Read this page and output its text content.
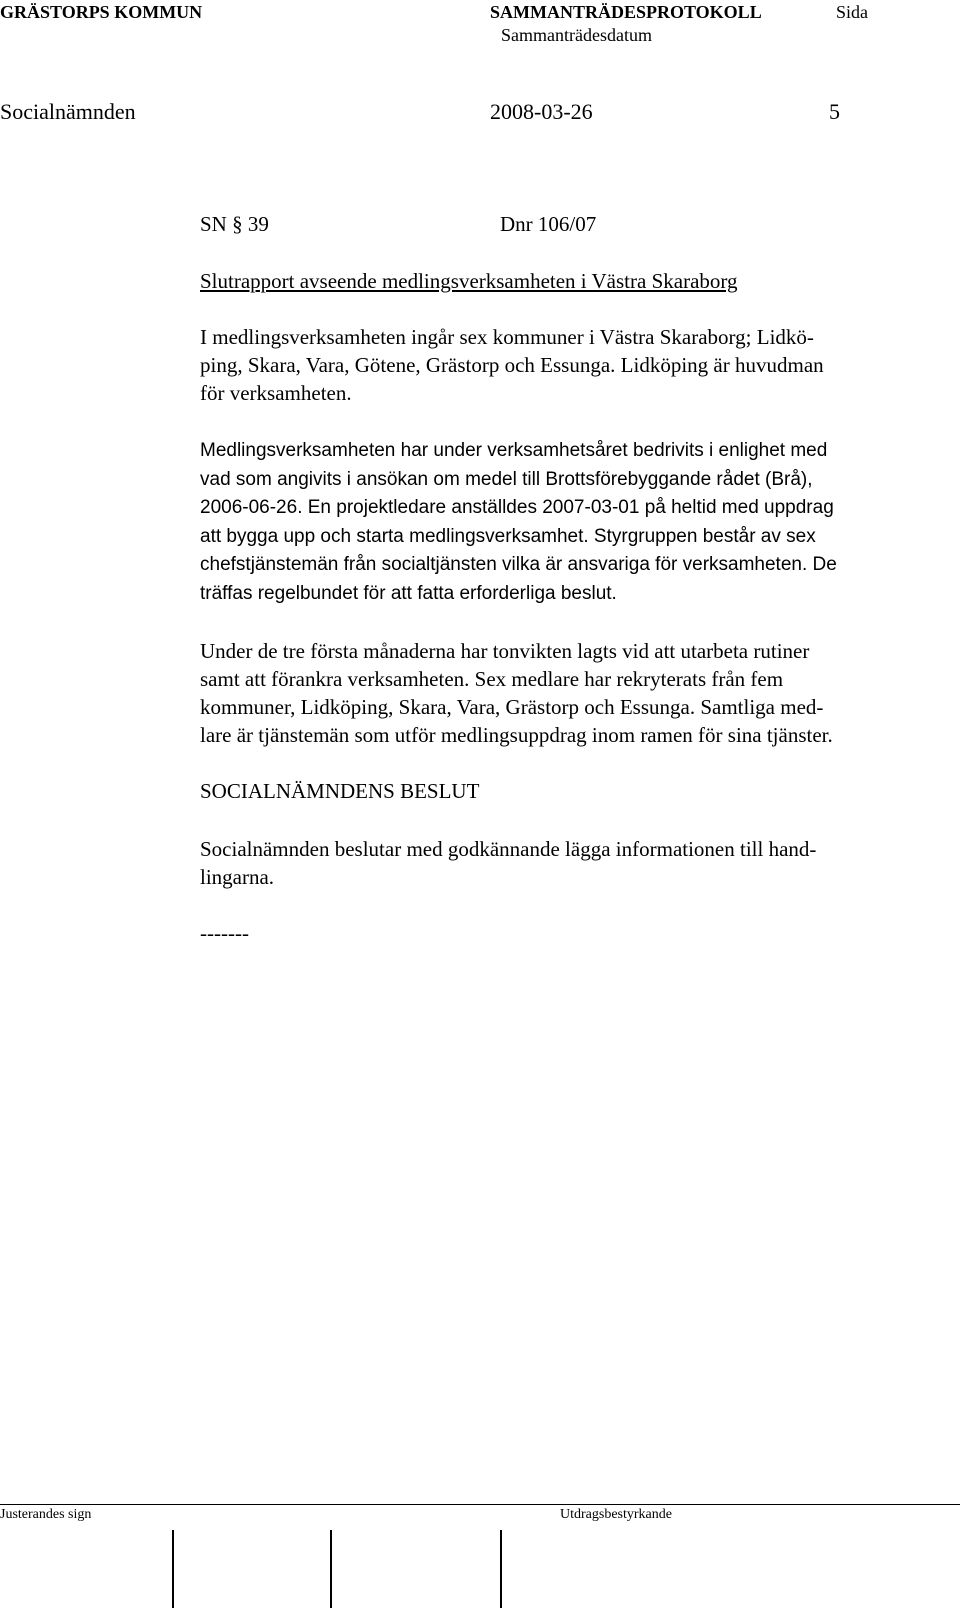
GRÄSTORPS KOMMUN	SAMMANTRÄDESPROTOKOLL	Sida
Sammanträdesdatum
Socialnämnden	2008-03-26	5
SN § 39	Dnr 106/07
Slutrapport avseende medlingsverksamheten i Västra Skaraborg
I medlingsverksamheten ingår sex kommuner i Västra Skaraborg; Lidkö-
ping, Skara, Vara, Götene, Grästorp och Essunga. Lidköping är huvudman
för verksamheten.
Medlingsverksamheten har under verksamhetsåret bedrivits i enlighet med
vad som angivits i ansökan om medel till Brottsförebyggande rådet (Brå),
2006-06-26. En projektledare anställdes 2007-03-01 på heltid med uppdrag
att bygga upp och starta medlingsverksamhet. Styrgruppen består av sex
chefstjänstemän från socialtjänsten vilka är ansvariga för verksamheten. De
träffas regelbundet för att fatta erforderliga beslut.
Under de tre första månaderna har tonvikten lagts vid att utarbeta rutiner
samt att förankra verksamheten. Sex medlare har rekryterats från fem
kommuner, Lidköping, Skara, Vara, Grästorp och Essunga. Samtliga med-
lare är tjänstemän som utför medlingsuppdrag inom ramen för sina tjänster.
SOCIALNÄMNDENS BESLUT
Socialnämnden beslutar med godkännande lägga informationen till hand-
lingarna.
-------
Justerandes sign	Utdragsbestyrkande
